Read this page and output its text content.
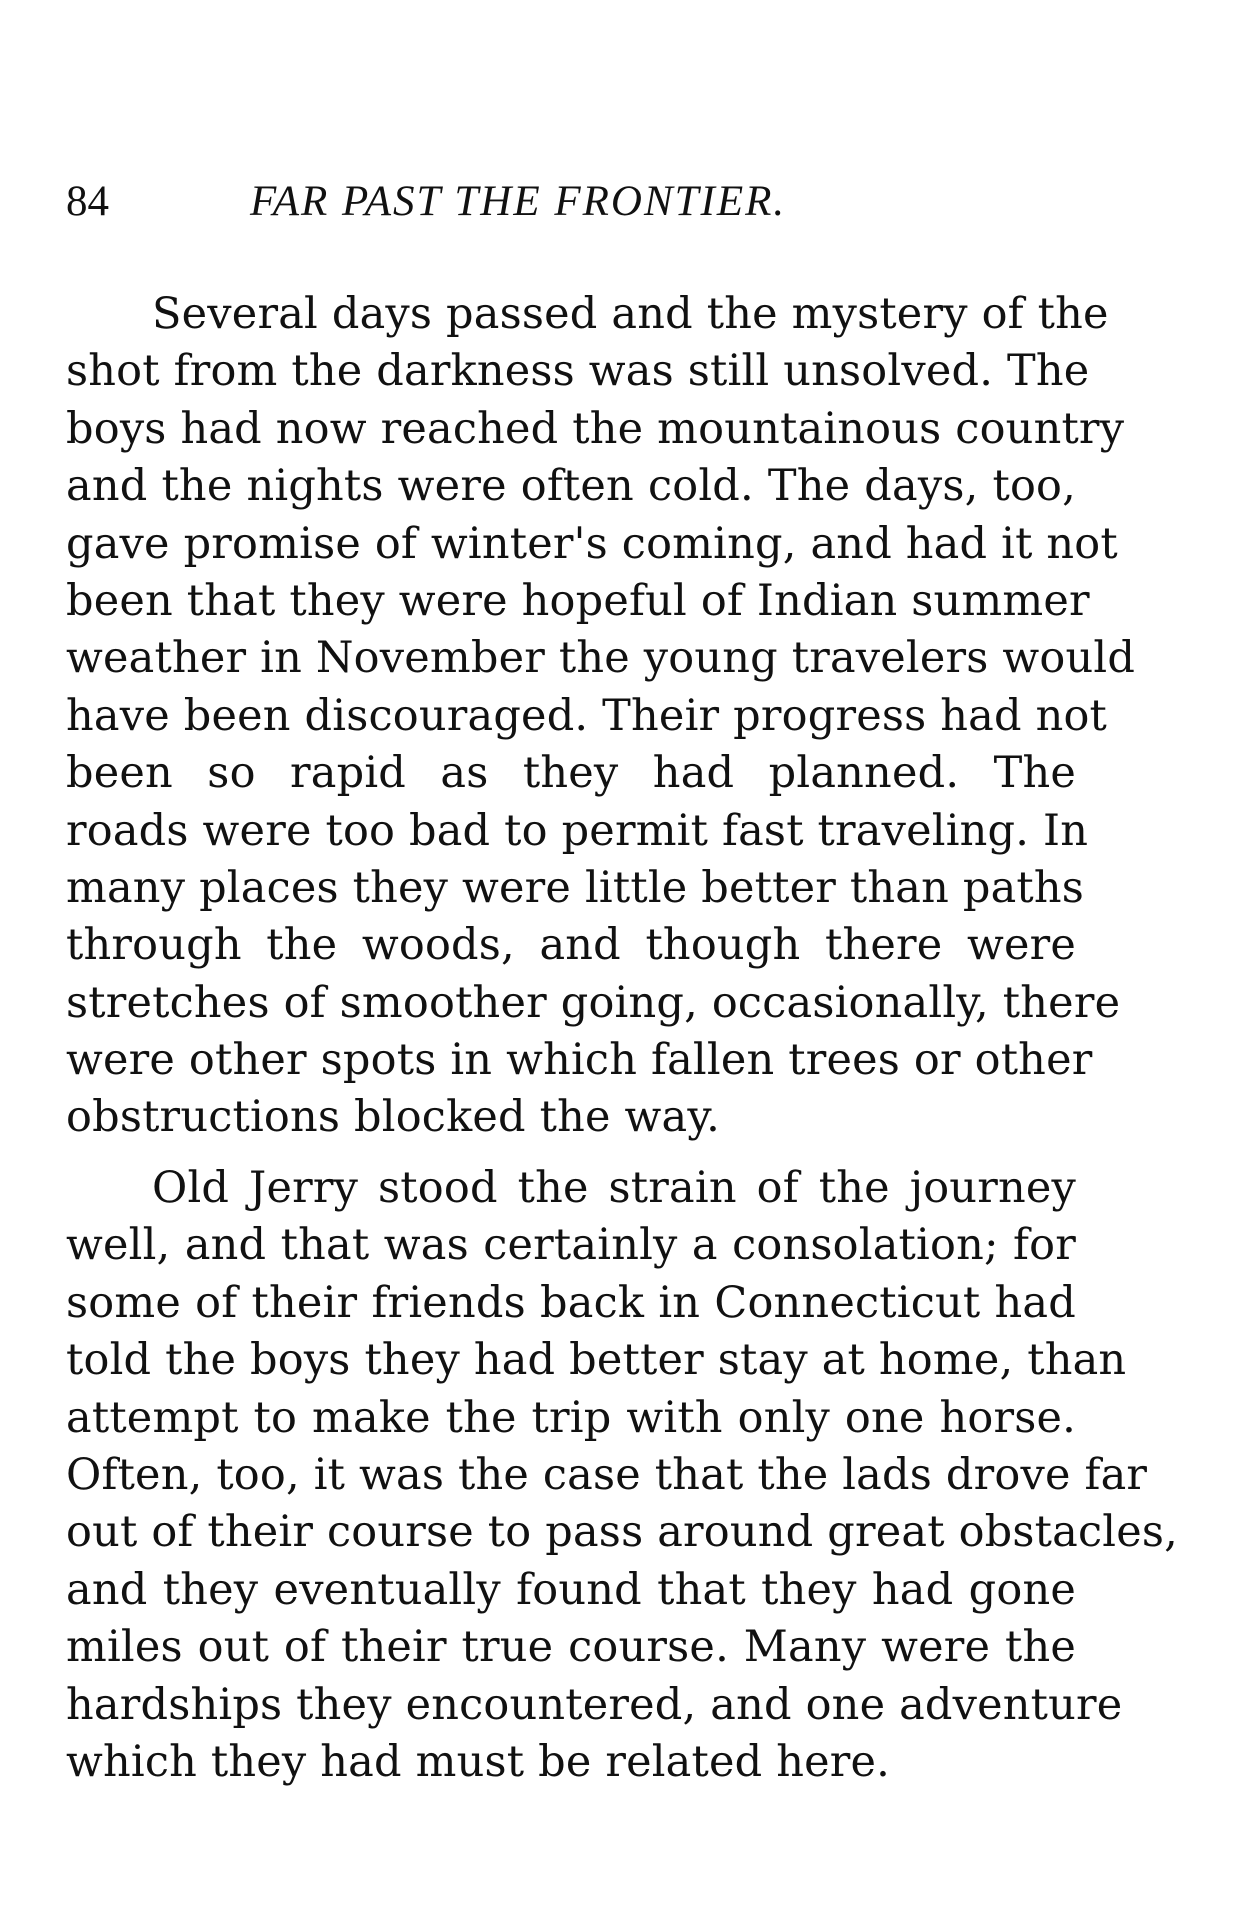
84	FAR PAST THE FRONTIER.
Several days passed and the mystery of the
shot from the darkness was still unsolved. The
boys had now reached the mountainous country
and the nights were often cold. The days, too,
gave promise of winter's coming, and had it not
been that they were hopeful of Indian summer
weather in November the young travelers would
have been discouraged. Their progress had not
been so rapid as they had planned. The
roads were too bad to permit fast traveling. In
many places they were little better than paths
through the woods, and though there were
stretches of smoother going, occasionally, there
were other spots in which fallen trees or other
obstructions blocked the way.
Old Jerry stood the strain of the journey
well, and that was certainly a consolation; for
some of their friends back in Connecticut had
told the boys they had better stay at home, than
attempt to make the trip with only one horse.
Often, too, it was the case that the lads drove far
out of their course to pass around great obstacles,
and they eventually found that they had gone
miles out of their true course. Many were the
hardships they encountered, and one adventure
which they had must be related here.
